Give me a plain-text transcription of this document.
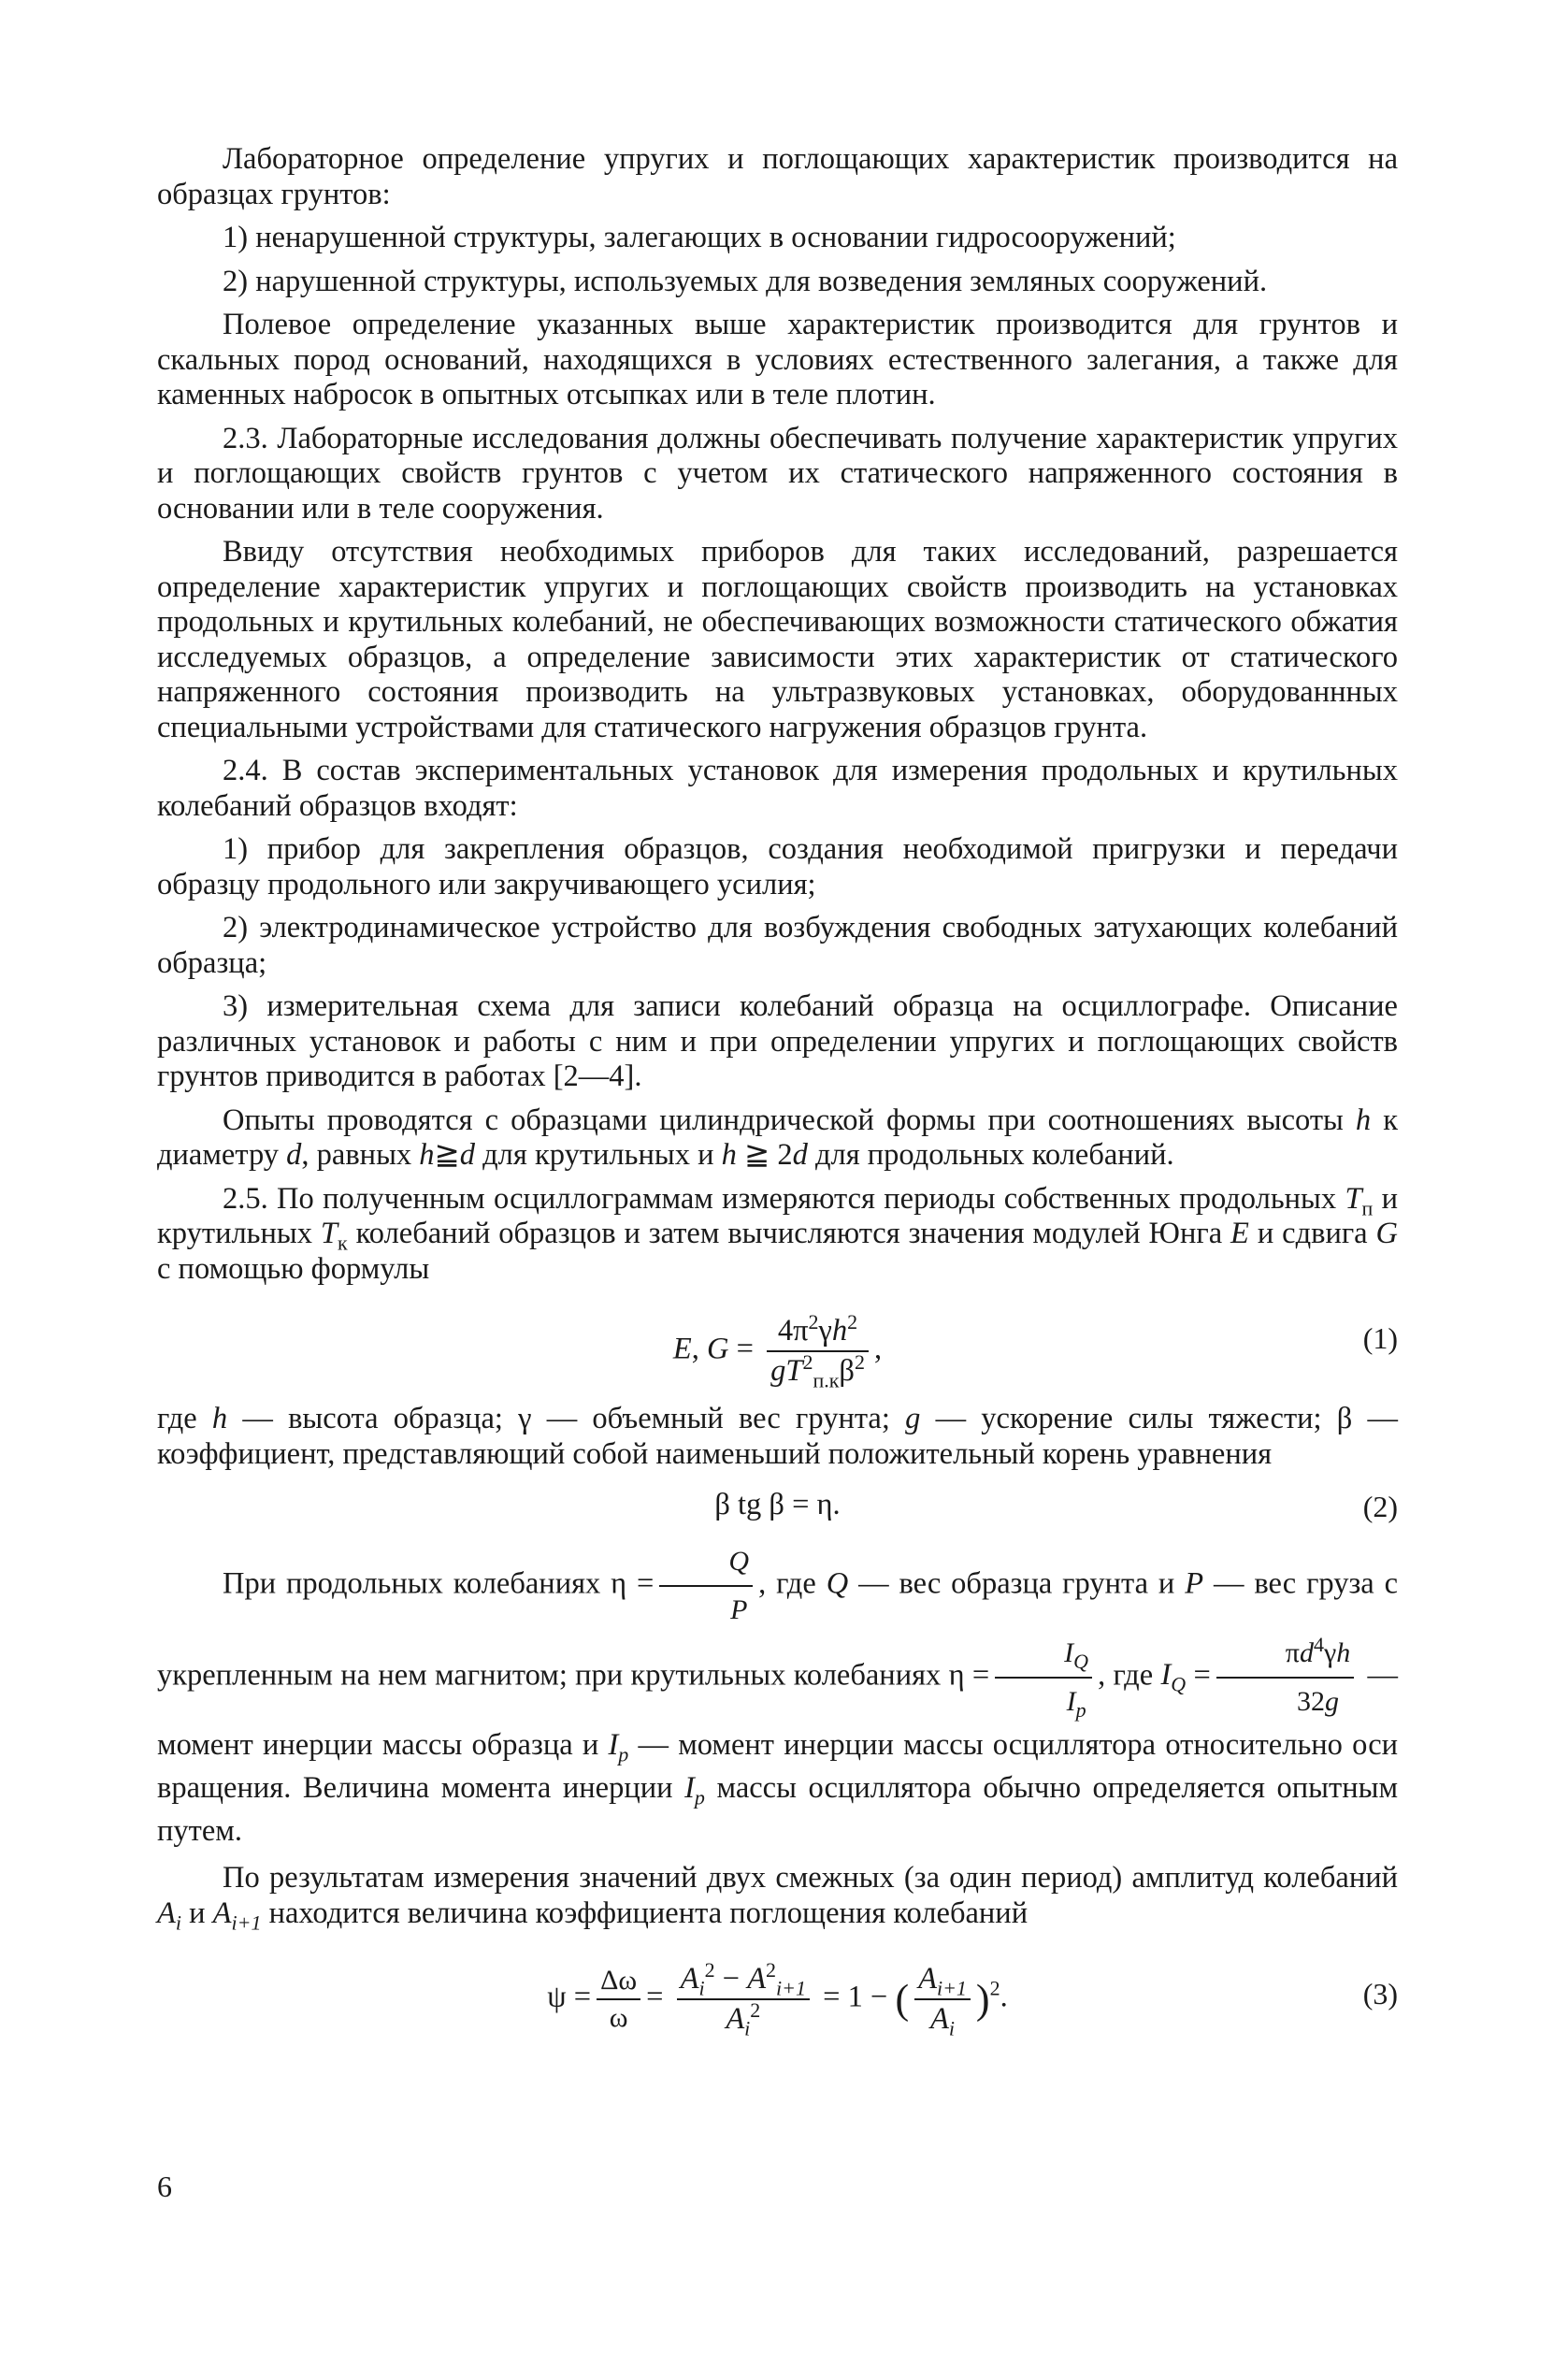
Лабораторное определение упругих и поглощающих характеристик производится на образцах грунтов:

1) ненарушенной структуры, залегающих в основании гидросооружений;

2) нарушенной структуры, используемых для возведения земляных сооружений.

Полевое определение указанных выше характеристик производится для грунтов и скальных пород оснований, находящихся в условиях естественного залегания, а также для каменных наброcок в опытных отсыпках или в теле плотин.

2.3. Лабораторные исследования должны обеспечивать получение характеристик упругих и поглощающих свойств грунтов с учетом их статического напряженного состояния в основании или в теле сооружения.

Ввиду отсутствия необходимых приборов для таких исследований, разрешается определение характеристик упругих и поглощающих свойств производить на установках продольных и крутильных колебаний, не обеспечивающих возможности статического обжатия исследуемых образцов, а определение зависимости этих характеристик от статического напряженного состояния производить на ультразвуковых установках, оборудованнных специальными устройствами для статического нагружения образцов грунта.

2.4. В состав экспериментальных установок для измерения продольных и крутильных колебаний образцов входят:

1) прибор для закрепления образцов, создания необходимой пригрузки и передачи образцу продольного или закручивающего усилия;

2) электродинамическое устройство для возбуждения свободных затухающих колебаний образца;

3) измерительная схема для записи колебаний образца на осциллографе. Описание различных установок и работы с ним и при определении упругих и поглощающих свойств грунтов приводится в работах [2—4].

Опыты проводятся с образцами цилиндрической формы при соотношениях высоты h к диаметру d, равных h≧d для крутильных и h ≧ 2d для продольных колебаний.

2.5. По полученным осциллограммам измеряются периоды собственных продольных $T_п$ и крутильных $T_к$ колебаний образцов и затем вычисляются значения модулей Юнга E и сдвига G с помощью формулы

E, $G = \frac{4\pi^2\gamma h^2}{gT^2_{п.к}\beta^2}$ ,	(1)

где h — высота образца; γ — объемный вес грунта; g — ускорение силы тяжести; β — коэффициент, представляющий собой наименьший положительный корень уравнения

β tg β = η.	(2)

При продольных колебаниях $\eta = \frac{Q}{P}$ , где Q — вес образца грунта и P — вес груза с укрепленным на нем магнитом; при крутильных колебаниях $\eta = \frac{I_Q}{I_p}$ , где $I_Q = \frac{\pi d^4\gamma h}{32g}$ — момент инерции массы образца и $I_p$ — момент инерции массы осциллятора относительно оси вращения. Величина момента инерции $I_p$ массы осциллятора обычно определяется опытным путем.

По результатам измерения значений двух смежных (за один период) амплитуд колебаний $A_i$ и $A_{i+1}$ находится величина коэффициента поглощения колебаний

$\psi = \frac{\Delta\omega}{\omega} = \frac{A_i^2 - A^2_{i+1}}{A_i^2} = 1$ − ( $\frac{A_{i+1}}{A_i} )^2$.	(3)
6
